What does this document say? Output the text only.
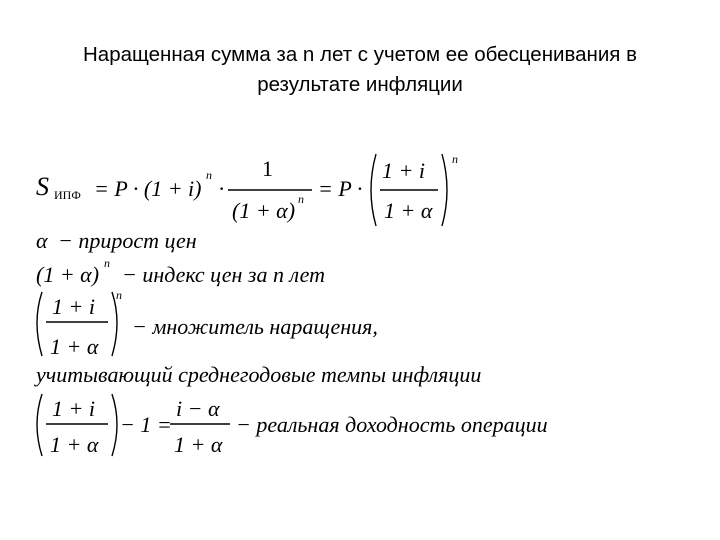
Наращенная сумма за n лет с учетом ее обесценивания в
результате инфляции
S ИПФ = P · (1 + i)
n
·
1
(1 + α) n = P ·
1 + i
1 + α
n
α − прирост цен
(1 + α) n − индекс цен за n лет
1 + i
1 + α
n
− множитель наращения,
учитывающий среднегодовые темпы инфляции
1 + i
1 + α
− 1 =
i − α
1 + α
− реальная доходность операции
